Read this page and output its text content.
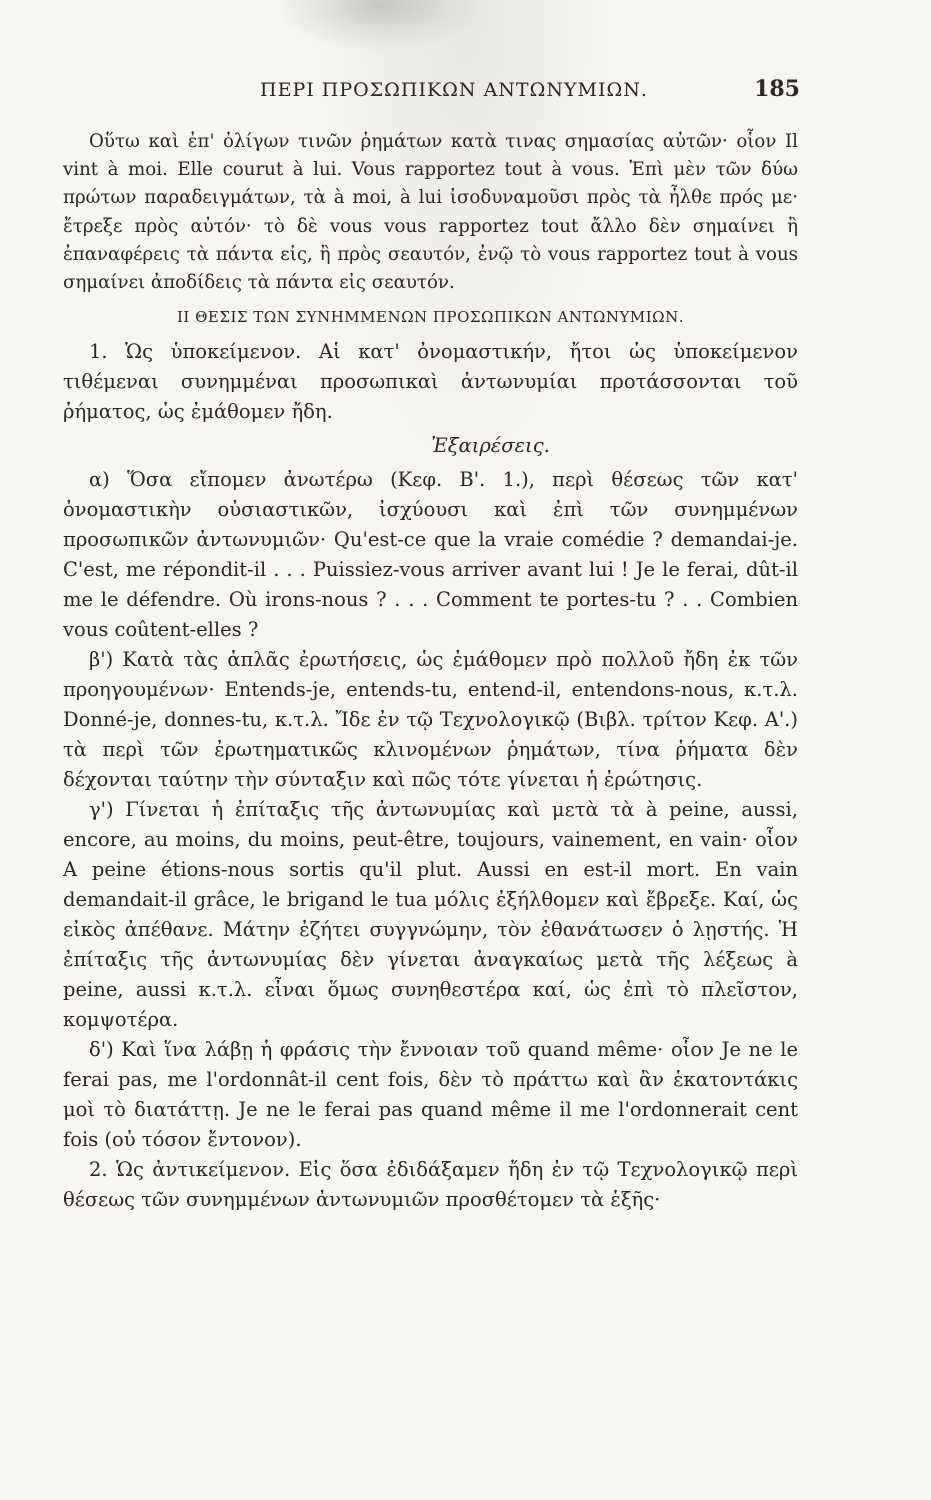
ΠΕΡΙ ΠΡΟΣΩΠΙΚΩΝ ΑΝΤΩΝΥΜΙΩΝ.	185

Οὕτω καὶ ἐπ' ὀλίγων τινῶν ῥημάτων κατὰ τινας σημασίας αὐτῶν· οἷον Il vint à moi. Elle courut à lui. Vous rapportez tout à vous. Ἐπὶ μὲν τῶν δύω πρώτων παραδειγμάτων, τὰ à moi, à lui ἰσοδυναμοῦσι πρὸς τὰ ἦλθε πρός με· ἔτρεξε πρὸς αὐτόν· τὸ δὲ vous vous rapportez tout ἄλλο δὲν σημαίνει ἢ ἐπαναφέρεις τὰ πάντα εἰς, ἢ πρὸς σεαυτόν, ἐνῷ τὸ vous rapportez tout à vous σημαίνει ἀποδίδεις τὰ πάντα εἰς σεαυτόν.

II ΘΕΣΙΣ ΤΩΝ ΣΥΝΗΜΜΕΝΩΝ ΠΡΟΣΩΠΙΚΩΝ ΑΝΤΩΝΥΜΙΩΝ.

1. Ὡς ὑποκείμενον. Αἱ κατ' ὀνομαστικήν, ἤτοι ὡς ὑποκείμενον τιθέμεναι συνημμέναι προσωπικαὶ ἀντωνυμίαι προτάσσονται τοῦ ῥήματος, ὡς ἐμάθομεν ἤδη.

Ἐξαιρέσεις.

α) Ὅσα εἴπομεν ἀνωτέρω (Κεφ. Β'. 1.), περὶ θέσεως τῶν κατ' ὀνομαστικὴν οὐσιαστικῶν, ἰσχύουσι καὶ ἐπὶ τῶν συνημμένων προσωπικῶν ἀντωνυμιῶν· Qu'est-ce que la vraie comédie ? demandai-je. C'est, me répondit-il . . . Puissiez-vous arriver avant lui ! Je le ferai, dût-il me le défendre. Où irons-nous ? . . . Comment te portes-tu ? . . Combien vous coûtent-elles ?

β') Κατὰ τὰς ἁπλᾶς ἐρωτήσεις, ὡς ἐμάθομεν πρὸ πολλοῦ ἤδη ἐκ τῶν προηγουμένων· Entends-je, entends-tu, entend-il, entendons-nous, κ.τ.λ. Donné-je, donnes-tu, κ.τ.λ. Ἴδε ἐν τῷ Τεχνολογικῷ (Βιβλ. τρίτον Κεφ. Α'.) τὰ περὶ τῶν ἐρωτηματικῶς κλινομένων ῥημάτων, τίνα ῥήματα δὲν δέχονται ταύτην τὴν σύνταξιν καὶ πῶς τότε γίνεται ἡ ἐρώτησις.

γ') Γίνεται ἡ ἐπίταξις τῆς ἀντωνυμίας καὶ μετὰ τὰ à peine, aussi, encore, au moins, du moins, peut-être, toujours, vainement, en vain· οἷον A peine étions-nous sortis qu'il plut. Aussi en est-il mort. En vain demandait-il grâce, le brigand le tua μόλις ἐξήλθομεν καὶ ἔβρεξε. Καί, ὡς εἰκὸς ἀπέθανε. Μάτην ἐζήτει συγγνώμην, τὸν ἐθανάτωσεν ὁ λῃστής. Ἡ ἐπίταξις τῆς ἀντωνυμίας δὲν γίνεται ἀναγκαίως μετὰ τῆς λέξεως à peine, aussi κ.τ.λ. εἶναι ὅμως συνηθεστέρα καί, ὡς ἐπὶ τὸ πλεῖστον, κομψοτέρα.

δ') Καὶ ἵνα λάβῃ ἡ φράσις τὴν ἔννοιαν τοῦ quand même· οἷον Je ne le ferai pas, me l'ordonnât-il cent fois, δὲν τὸ πράττω καὶ ἂν ἑκατοντάκις μοὶ τὸ διατάττῃ. Je ne le ferai pas quand même il me l'ordonnerait cent fois (οὐ τόσον ἔντονον).

2. Ὡς ἀντικείμενον. Εἰς ὅσα ἐδιδάξαμεν ἤδη ἐν τῷ Τεχνολογικῷ περὶ θέσεως τῶν συνημμένων ἀντωνυμιῶν προσθέτομεν τὰ ἑξῆς·
